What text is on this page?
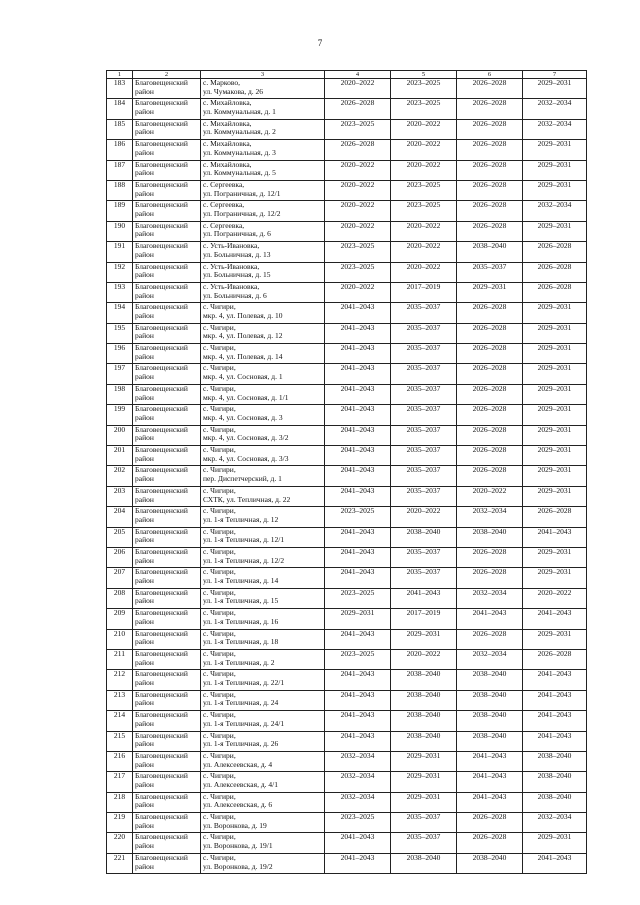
7
1	2	3	4	5	6	7
183	Благовещенский район	с. Марково,
ул. Чумакова, д. 26	2020–2022	2023–2025	2026–2028	2029–2031
184	Благовещенский район	с. Михайловка,
ул. Коммунальная, д. 1	2026–2028	2023–2025	2026–2028	2032–2034
185	Благовещенский район	с. Михайловка,
ул. Коммунальная, д. 2	2023–2025	2020–2022	2026–2028	2032–2034
186	Благовещенский район	с. Михайловка,
ул. Коммунальная, д. 3	2026–2028	2020–2022	2026–2028	2029–2031
187	Благовещенский район	с. Михайловка,
ул. Коммунальная, д. 5	2020–2022	2020–2022	2026–2028	2029–2031
188	Благовещенский район	с. Сергеевка,
ул. Пограничная, д. 12/1	2020–2022	2023–2025	2026–2028	2029–2031
189	Благовещенский район	с. Сергеевка,
ул. Пограничная, д. 12/2	2020–2022	2023–2025	2026–2028	2032–2034
190	Благовещенский район	с. Сергеевка,
ул. Пограничная, д. 6	2020–2022	2020–2022	2026–2028	2029–2031
191	Благовещенский район	с. Усть-Ивановка,
ул. Больничная, д. 13	2023–2025	2020–2022	2038–2040	2026–2028
192	Благовещенский район	с. Усть-Ивановка,
ул. Больничная, д. 15	2023–2025	2020–2022	2035–2037	2026–2028
193	Благовещенский район	с. Усть-Ивановка,
ул. Больничная, д. 6	2020–2022	2017–2019	2029–2031	2026–2028
194	Благовещенский район	с. Чигири,
мкр. 4, ул. Полевая, д. 10	2041–2043	2035–2037	2026–2028	2029–2031
195	Благовещенский район	с. Чигири,
мкр. 4, ул. Полевая, д. 12	2041–2043	2035–2037	2026–2028	2029–2031
196	Благовещенский район	с. Чигири,
мкр. 4, ул. Полевая, д. 14	2041–2043	2035–2037	2026–2028	2029–2031
197	Благовещенский район	с. Чигири,
мкр. 4, ул. Сосновая, д. 1	2041–2043	2035–2037	2026–2028	2029–2031
198	Благовещенский район	с. Чигири,
мкр. 4, ул. Сосновая, д. 1/1	2041–2043	2035–2037	2026–2028	2029–2031
199	Благовещенский район	с. Чигири,
мкр. 4, ул. Сосновая, д. 3	2041–2043	2035–2037	2026–2028	2029–2031
200	Благовещенский район	с. Чигири,
мкр. 4, ул. Сосновая, д. 3/2	2041–2043	2035–2037	2026–2028	2029–2031
201	Благовещенский район	с. Чигири,
мкр. 4, ул. Сосновая, д. 3/3	2041–2043	2035–2037	2026–2028	2029–2031
202	Благовещенский район	с. Чигири,
пер. Диспетчерский, д. 1	2041–2043	2035–2037	2026–2028	2029–2031
203	Благовещенский район	с. Чигири,
СХТК, ул. Тепличная, д. 22	2041–2043	2035–2037	2020–2022	2029–2031
204	Благовещенский район	с. Чигири,
ул. 1-я Тепличная, д. 12	2023–2025	2020–2022	2032–2034	2026–2028
205	Благовещенский район	с. Чигири,
ул. 1-я Тепличная, д. 12/1	2041–2043	2038–2040	2038–2040	2041–2043
206	Благовещенский район	с. Чигири,
ул. 1-я Тепличная, д. 12/2	2041–2043	2035–2037	2026–2028	2029–2031
207	Благовещенский район	с. Чигири,
ул. 1-я Тепличная, д. 14	2041–2043	2035–2037	2026–2028	2029–2031
208	Благовещенский район	с. Чигири,
ул. 1-я Тепличная, д. 15	2023–2025	2041–2043	2032–2034	2020–2022
209	Благовещенский район	с. Чигири,
ул. 1-я Тепличная, д. 16	2029–2031	2017–2019	2041–2043	2041–2043
210	Благовещенский район	с. Чигири,
ул. 1-я Тепличная, д. 18	2041–2043	2029–2031	2026–2028	2029–2031
211	Благовещенский район	с. Чигири,
ул. 1-я Тепличная, д. 2	2023–2025	2020–2022	2032–2034	2026–2028
212	Благовещенский район	с. Чигири,
ул. 1-я Тепличная, д. 22/1	2041–2043	2038–2040	2038–2040	2041–2043
213	Благовещенский район	с. Чигири,
ул. 1-я Тепличная, д. 24	2041–2043	2038–2040	2038–2040	2041–2043
214	Благовещенский район	с. Чигири,
ул. 1-я Тепличная, д. 24/1	2041–2043	2038–2040	2038–2040	2041–2043
215	Благовещенский район	с. Чигири,
ул. 1-я Тепличная, д. 26	2041–2043	2038–2040	2038–2040	2041–2043
216	Благовещенский район	с. Чигири,
ул. Алексеевская, д. 4	2032–2034	2029–2031	2041–2043	2038–2040
217	Благовещенский район	с. Чигири,
ул. Алексеевская, д. 4/1	2032–2034	2029–2031	2041–2043	2038–2040
218	Благовещенский район	с. Чигири,
ул. Алексеевская, д. 6	2032–2034	2029–2031	2041–2043	2038–2040
219	Благовещенский район	с. Чигири,
ул. Воронкова, д. 19	2023–2025	2035–2037	2026–2028	2032–2034
220	Благовещенский район	с. Чигири,
ул. Воронкова, д. 19/1	2041–2043	2035–2037	2026–2028	2029–2031
221	Благовещенский район	с. Чигири,
ул. Воронкова, д. 19/2	2041–2043	2038–2040	2038–2040	2041–2043
